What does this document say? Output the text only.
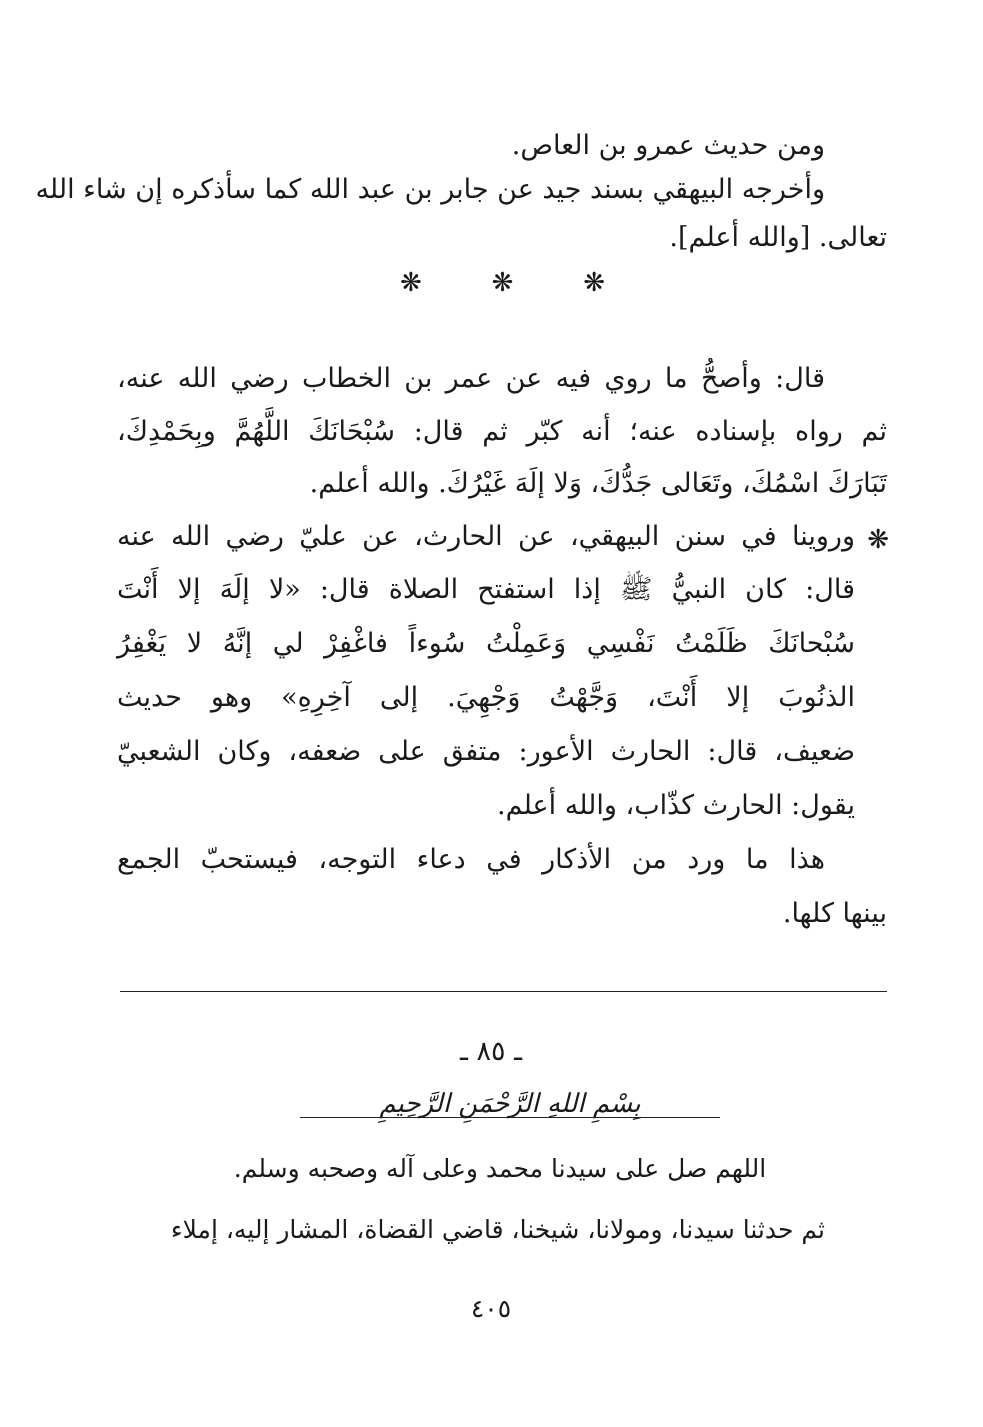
ومن حديث عمرو بن العاص.
وأخرجه البيهقي بسند جيد عن جابر بن عبد الله كما سأذكره إن شاء الله
تعالى. [والله أعلم].
❋	❋	❋
قال: وأصحُّ ما روي فيه عن عمر بن الخطاب رضي الله عنه،
ثم رواه بإسناده عنه؛ أنه كبّر ثم قال: سُبْحَانَكَ اللَّهُمَّ وبِحَمْدِكَ،
تَبَارَكَ اسْمُكَ، وتَعَالى جَدُّكَ، وَلا إلَهَ غَيْرُكَ. والله أعلم.
❋
وروينا في سنن البيهقي، عن الحارث، عن عليّ رضي الله عنه
قال: كان النبيُّ ﷺ إذا استفتح الصلاة قال: «لا إلَهَ إلا أَنْتَ
سُبْحانَكَ ظَلَمْتُ نَفْسِي وَعَمِلْتُ سُوءاً فاغْفِرْ لي إنَّهُ لا يَغْفِرُ
الذنُوبَ إلا أَنْتَ، وَجَّهْتُ وَجْهِيَ. إلى آخِرِهِ» وهو حديث
ضعيف، قال: الحارث الأعور: متفق على ضعفه، وكان الشعبيّ
يقول: الحارث كذّاب، والله أعلم.
هذا ما ورد من الأذكار في دعاء التوجه، فيستحبّ الجمع
بينها كلها.
ـ ٨٥ ـ
بِسْمِ اللهِ الرَّحْمَنِ الرَّحِيمِ
اللهم صل على سيدنا محمد وعلى آله وصحبه وسلم.
ثم حدثنا سيدنا، ومولانا، شيخنا، قاضي القضاة، المشار إليه، إملاء
٤٠٥
